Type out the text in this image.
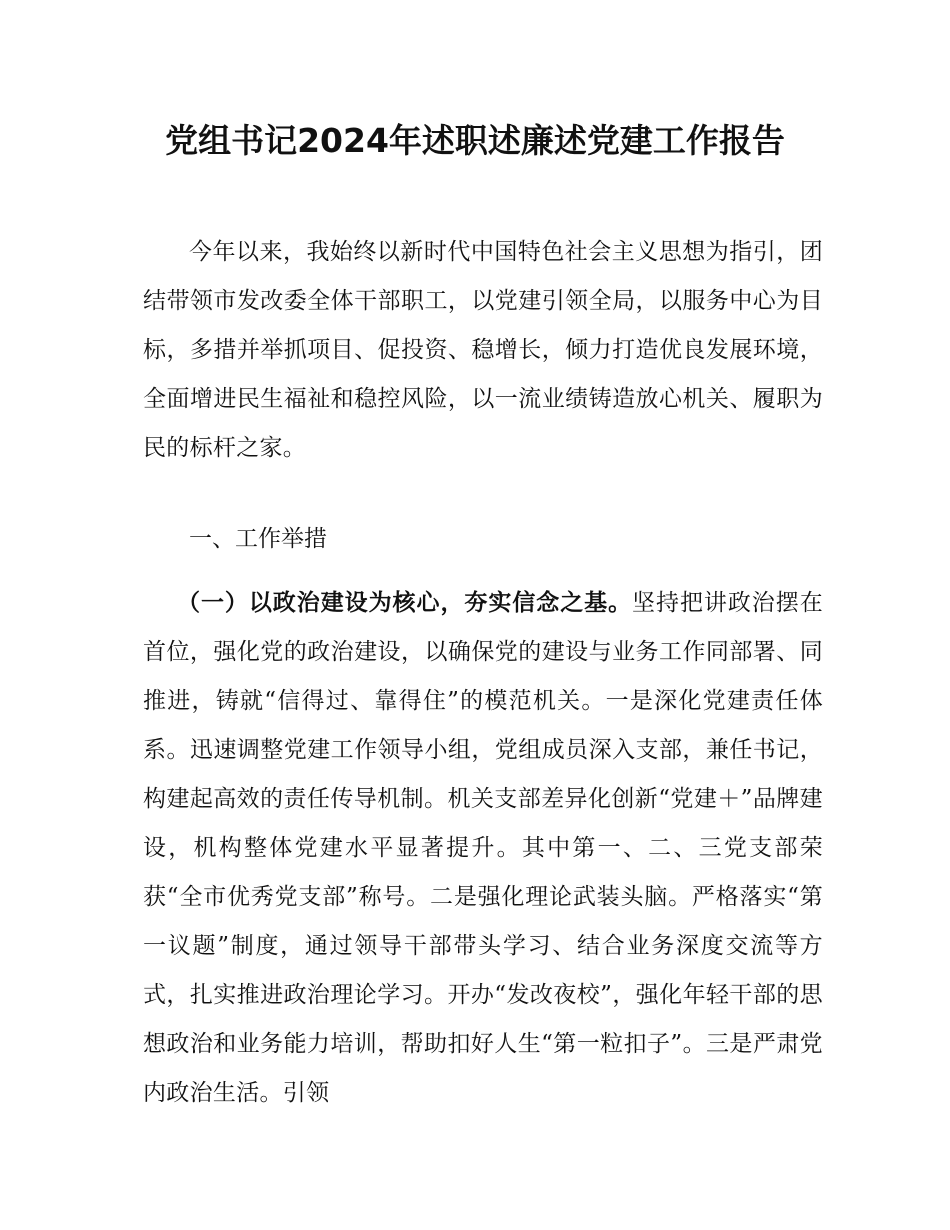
党组书记2024年述职述廉述党建工作报告

今年以来，我始终以新时代中国特色社会主义思想为指引，团结带领市发改委全体干部职工，以党建引领全局，以服务中心为目标，多措并举抓项目、促投资、稳增长，倾力打造优良发展环境，全面增进民生福祉和稳控风险，以一流业绩铸造放心机关、履职为民的标杆之家。

一、工作举措

（一）以政治建设为核心，夯实信念之基。坚持把讲政治摆在首位，强化党的政治建设，以确保党的建设与业务工作同部署、同推进，铸就“信得过、靠得住”的模范机关。一是深化党建责任体系。迅速调整党建工作领导小组，党组成员深入支部，兼任书记，构建起高效的责任传导机制。机关支部差异化创新“党建＋”品牌建设，机构整体党建水平显著提升。其中第一、二、三党支部荣获“全市优秀党支部”称号。二是强化理论武装头脑。严格落实“第一议题”制度，通过领导干部带头学习、结合业务深度交流等方式，扎实推进政治理论学习。开办“发改夜校”，强化年轻干部的思想政治和业务能力培训，帮助扣好人生“第一粒扣子”。三是严肃党内政治生活。引领
